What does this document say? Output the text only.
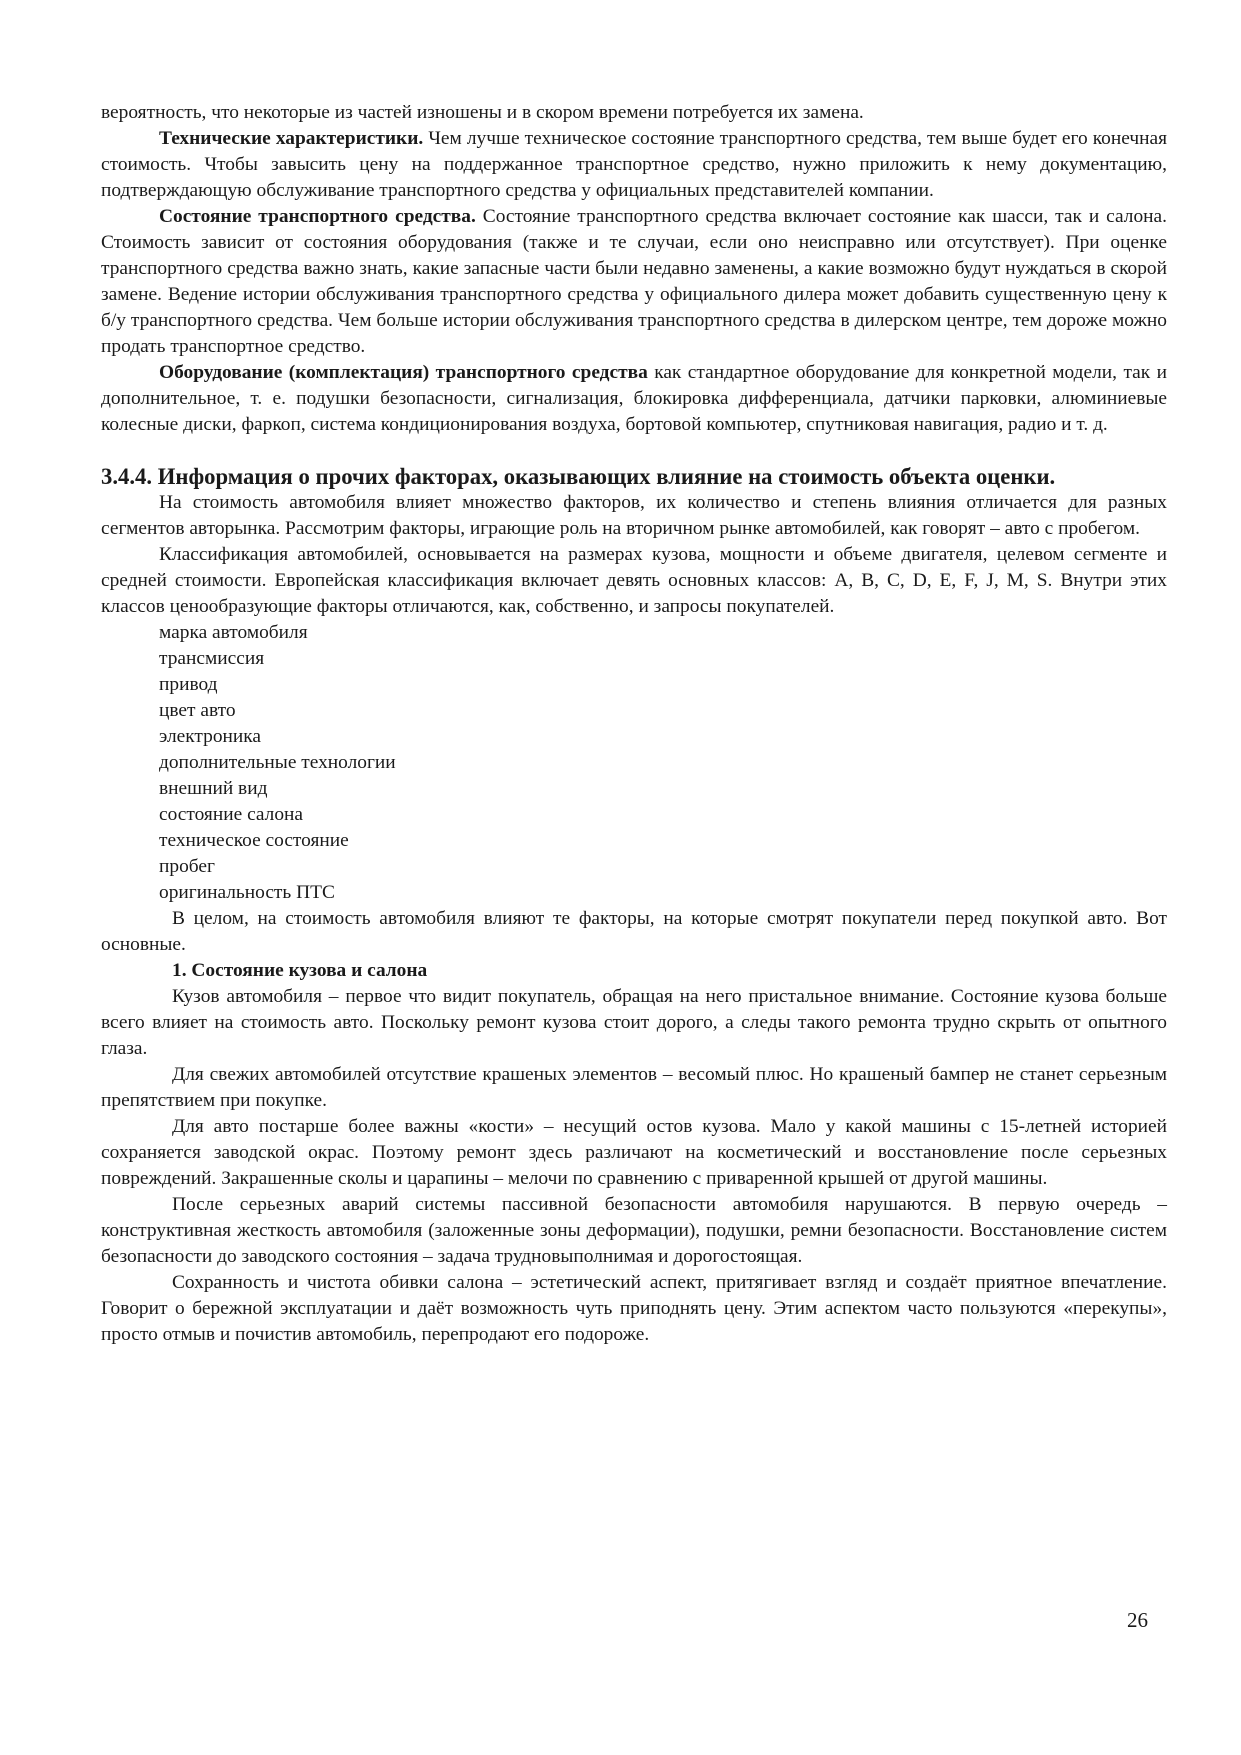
вероятность, что некоторые из частей изношены и в скором времени потребуется их замена.

Технические характеристики. Чем лучше техническое состояние транспортного средства, тем выше будет его конечная стоимость. Чтобы завысить цену на поддержанное транспортное средство, нужно приложить к нему документацию, подтверждающую обслуживание транспортного средства у официальных представителей компании.

Состояние транспортного средства. Состояние транспортного средства включает состояние как шасси, так и салона. Стоимость зависит от состояния оборудования (также и те случаи, если оно неисправно или отсутствует). При оценке транспортного средства важно знать, какие запасные части были недавно заменены, а какие возможно будут нуждаться в скорой замене. Ведение истории обслуживания транспортного средства у официального дилера может добавить существенную цену к б/у транспортного средства. Чем больше истории обслуживания транспортного средства в дилерском центре, тем дороже можно продать транспортное средство.

Оборудование (комплектация) транспортного средства как стандартное оборудование для конкретной модели, так и дополнительное, т. е. подушки безопасности, сигнализация, блокировка дифференциала, датчики парковки, алюминиевые колесные диски, фаркоп, система кондиционирования воздуха, бортовой компьютер, спутниковая навигация, радио и т. д.

3.4.4. Информация о прочих факторах, оказывающих влияние на стоимость объекта оценки.

На стоимость автомобиля влияет множество факторов, их количество и степень влияния отличается для разных сегментов авторынка. Рассмотрим факторы, играющие роль на вторичном рынке автомобилей, как говорят – авто с пробегом.

Классификация автомобилей, основывается на размерах кузова, мощности и объеме двигателя, целевом сегменте и средней стоимости. Европейская классификация включает девять основных классов: A, B, C, D, E, F, J, M, S. Внутри этих классов ценообразующие факторы отличаются, как, собственно, и запросы покупателей.

марка автомобиля
трансмиссия
привод
цвет авто
электроника
дополнительные технологии
внешний вид
состояние салона
техническое состояние
пробег
оригинальность ПТС

В целом, на стоимость автомобиля влияют те факторы, на которые смотрят покупатели перед покупкой авто. Вот основные.

1. Состояние кузова и салона

Кузов автомобиля – первое что видит покупатель, обращая на него пристальное внимание. Состояние кузова больше всего влияет на стоимость авто. Поскольку ремонт кузова стоит дорого, а следы такого ремонта трудно скрыть от опытного глаза.

Для свежих автомобилей отсутствие крашеных элементов – весомый плюс. Но крашеный бампер не станет серьезным препятствием при покупке.

Для авто постарше более важны «кости» – несущий остов кузова. Мало у какой машины с 15-летней историей сохраняется заводской окрас. Поэтому ремонт здесь различают на косметический и восстановление после серьезных повреждений. Закрашенные сколы и царапины – мелочи по сравнению с приваренной крышей от другой машины.

После серьезных аварий системы пассивной безопасности автомобиля нарушаются. В первую очередь – конструктивная жесткость автомобиля (заложенные зоны деформации), подушки, ремни безопасности. Восстановление систем безопасности до заводского состояния – задача трудновыполнимая и дорогостоящая.

Сохранность и чистота обивки салона – эстетический аспект, притягивает взгляд и создаёт приятное впечатление. Говорит о бережной эксплуатации и даёт возможность чуть приподнять цену. Этим аспектом часто пользуются «перекупы», просто отмыв и почистив автомобиль, перепродают его подороже.

26
